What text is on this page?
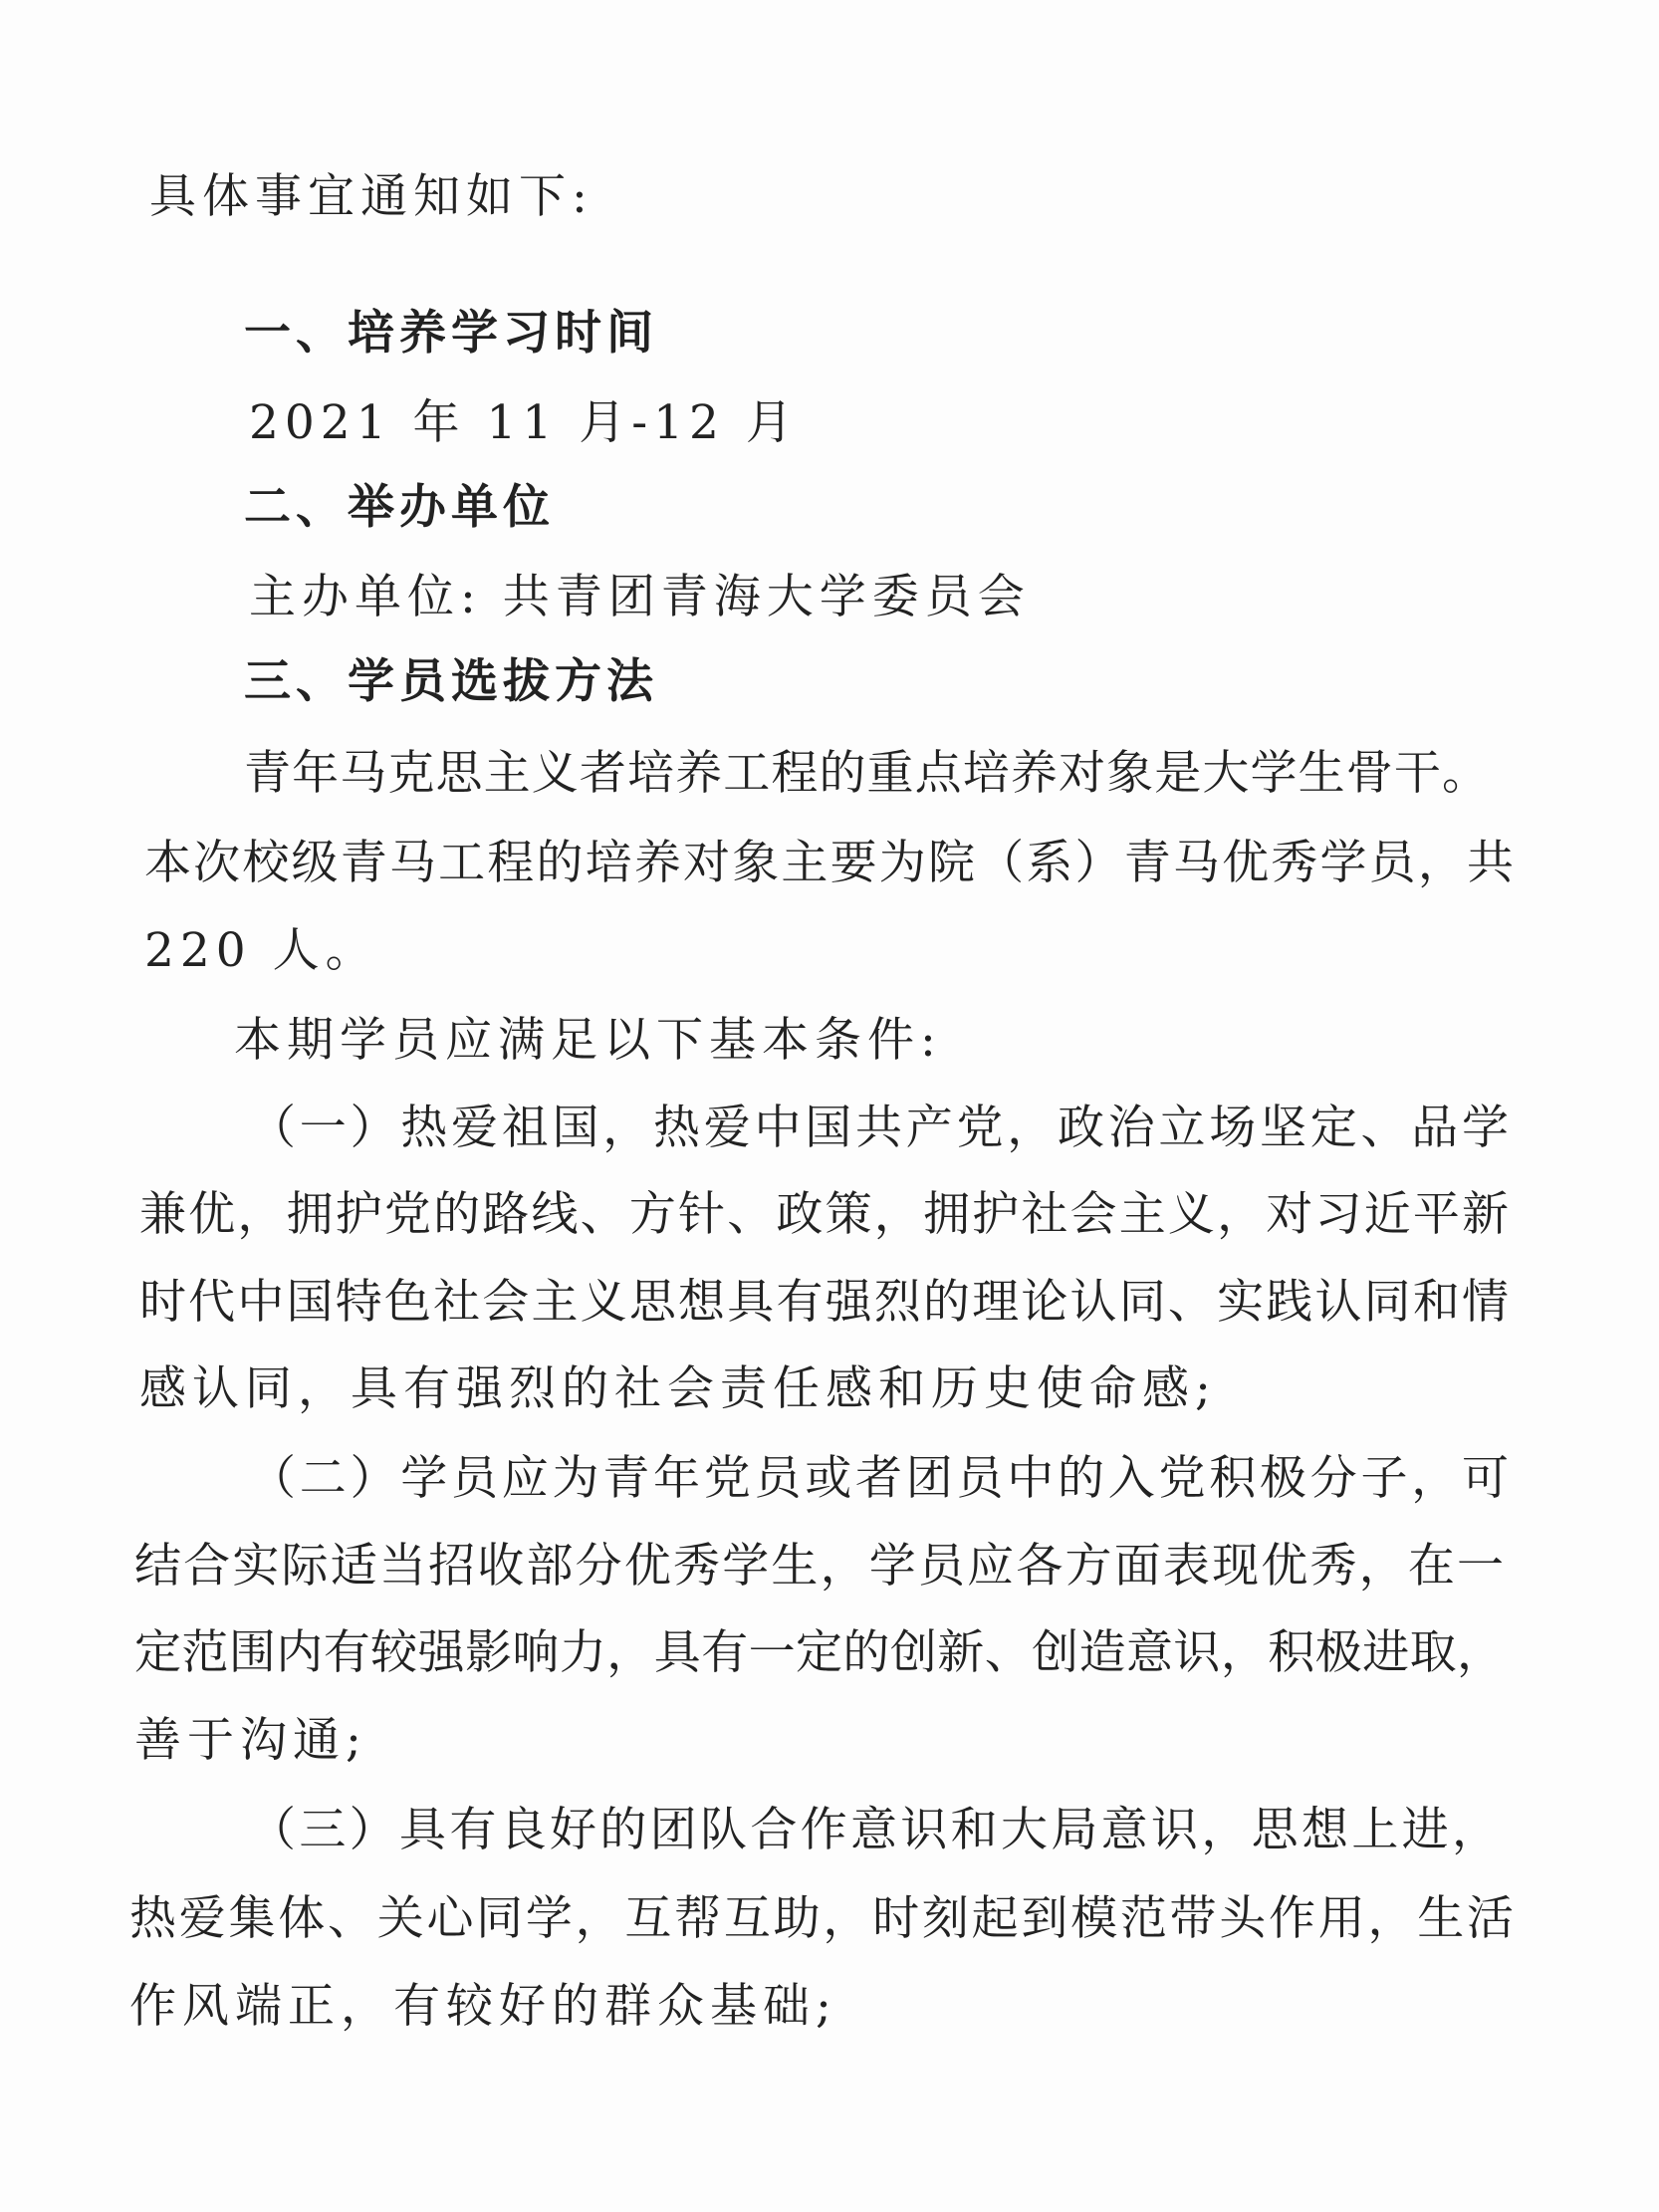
具体事宜通知如下:
一、培养学习时间
2021 年 11 月-12 月
二、举办单位
主办单位: 共青团青海大学委员会
三、学员选拔方法
青年马克思主义者培养工程的重点培养对象是大学生骨干。
本次校级青马工程的培养对象主要为院（系）青马优秀学员，共
220 人。
本期学员应满足以下基本条件:
（一）热爱祖国，热爱中国共产党，政治立场坚定、品学
兼优，拥护党的路线、方针、政策，拥护社会主义，对习近平新
时代中国特色社会主义思想具有强烈的理论认同、实践认同和情
感认同，具有强烈的社会责任感和历史使命感;
（二）学员应为青年党员或者团员中的入党积极分子，可
结合实际适当招收部分优秀学生，学员应各方面表现优秀，在一
定范围内有较强影响力，具有一定的创新、创造意识，积极进取，
善于沟通;
（三）具有良好的团队合作意识和大局意识，思想上进，
热爱集体、关心同学，互帮互助，时刻起到模范带头作用，生活
作风端正，有较好的群众基础;
